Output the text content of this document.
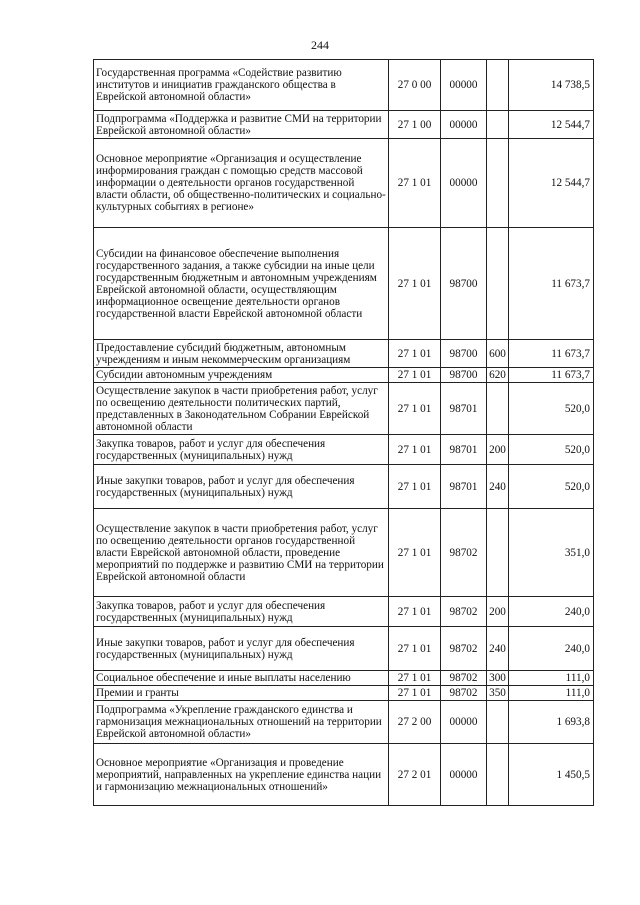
244
Государственная программа «Содействие развитию институтов и инициатив гражданского общества в Еврейской автономной области»	27 0 00	00000		14 738,5
Подпрограмма «Поддержка и развитие СМИ на территории Еврейской автономной области»	27 1 00	00000		12 544,7
Основное мероприятие «Организация и осуществление информирования граждан с помощью средств массовой информации о деятельности органов государственной власти области, об общественно-политических и социально-культурных событиях в регионе»	27 1 01	00000		12 544,7
Субсидии на финансовое обеспечение выполнения государственного задания, а также субсидии на иные цели государственным бюджетным и автономным учреждениям Еврейской автономной области, осуществляющим информационное освещение деятельности органов государственной власти Еврейской автономной области	27 1 01	98700		11 673,7
Предоставление субсидий бюджетным, автономным учреждениям и иным некоммерческим организациям	27 1 01	98700	600	11 673,7
Субсидии автономным учреждениям	27 1 01	98700	620	11 673,7
Осуществление закупок в части приобретения работ, услуг по освещению деятельности политических партий, представленных в Законодательном Собрании Еврейской автономной области	27 1 01	98701		520,0
Закупка товаров, работ и услуг для обеспечения государственных (муниципальных) нужд	27 1 01	98701	200	520,0
Иные закупки товаров, работ и услуг для обеспечения государственных (муниципальных) нужд	27 1 01	98701	240	520,0
Осуществление закупок в части приобретения работ, услуг по освещению деятельности органов государственной власти Еврейской автономной области, проведение мероприятий по поддержке и развитию СМИ на территории Еврейской автономной области	27 1 01	98702		351,0
Закупка товаров, работ и услуг для обеспечения государственных (муниципальных) нужд	27 1 01	98702	200	240,0
Иные закупки товаров, работ и услуг для обеспечения государственных (муниципальных) нужд	27 1 01	98702	240	240,0
Социальное обеспечение и иные выплаты населению	27 1 01	98702	300	111,0
Премии и гранты	27 1 01	98702	350	111,0
Подпрограмма «Укрепление гражданского единства и гармонизация межнациональных отношений на территории Еврейской автономной области»	27 2 00	00000		1 693,8
Основное мероприятие «Организация и проведение мероприятий, направленных на укрепление единства нации и гармонизацию межнациональных отношений»	27 2 01	00000		1 450,5
